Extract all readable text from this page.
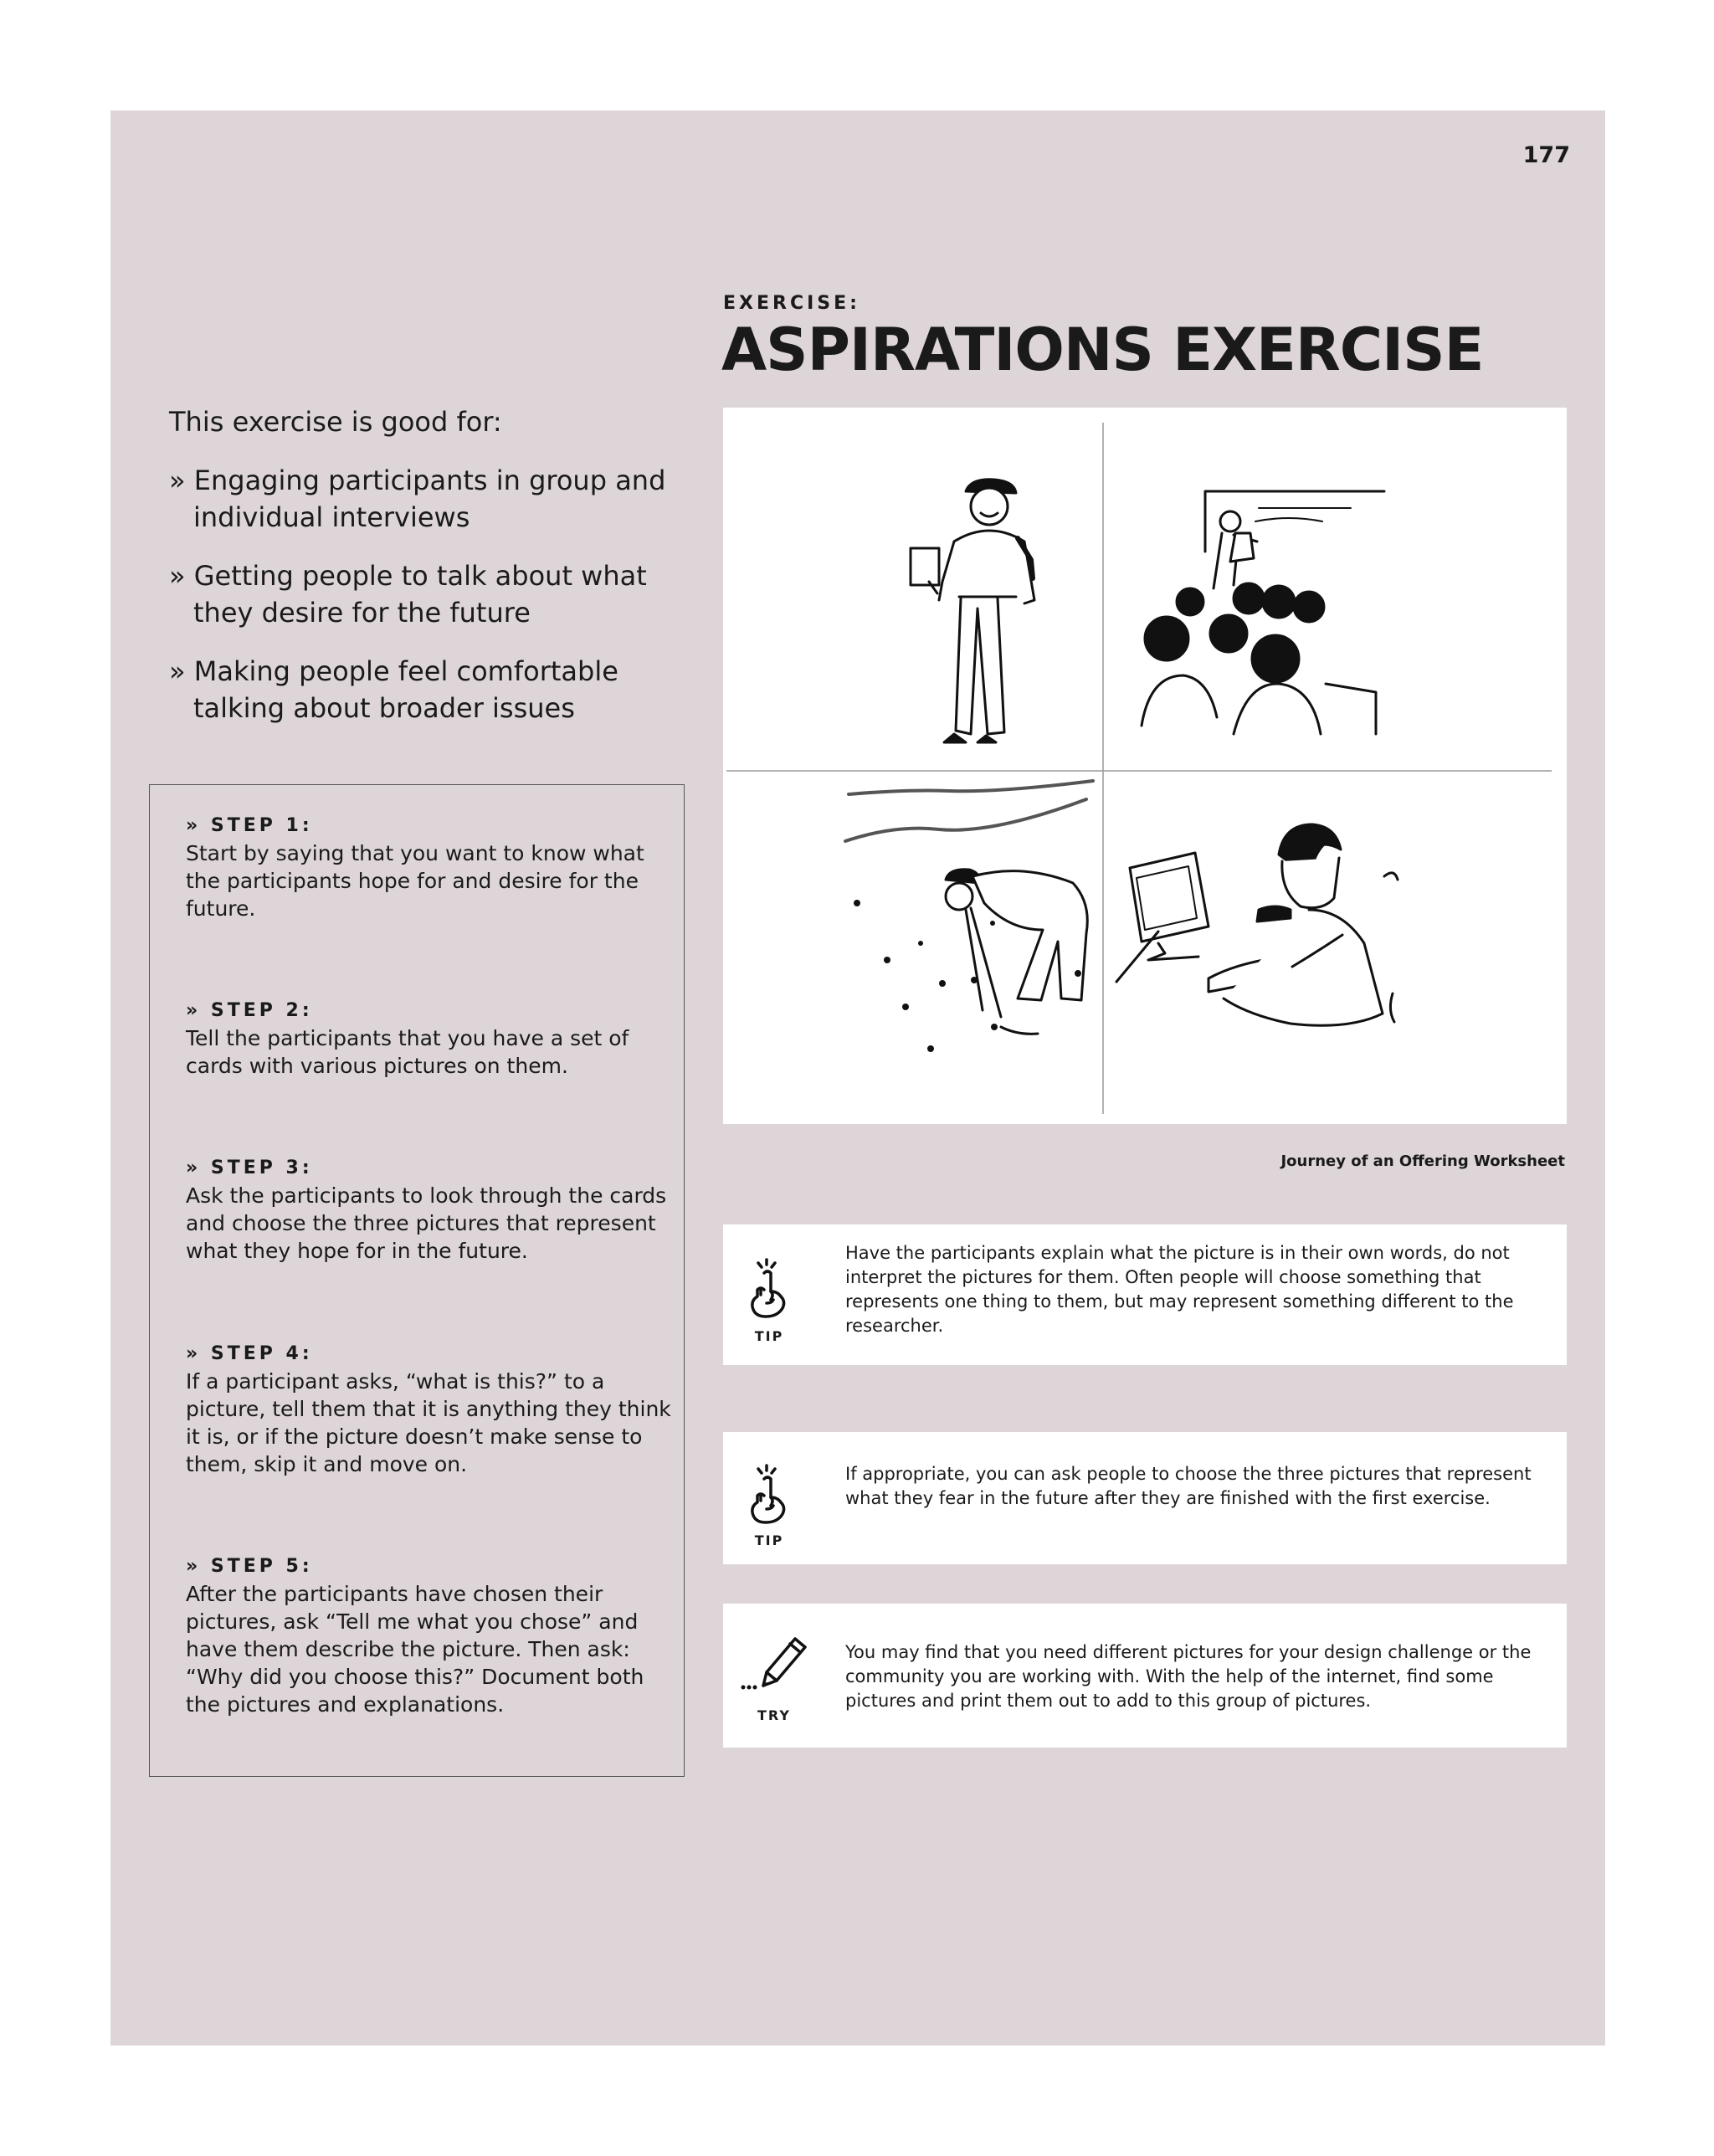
177
EXERCISE:
ASPIRATIONS EXERCISE

This exercise is good for:

» Engaging participants in group and individual interviews
» Getting people to talk about what they desire for the future
» Making people feel comfortable talking about broader issues
» STEP 1:
Start by saying that you want to know what the participants hope for and desire for the future.
» STEP 2:
Tell the participants that you have a set of cards with various pictures on them.
» STEP 3:
Ask the participants to look through the cards and choose the three pictures that represent what they hope for in the future.
» STEP 4:
If a participant asks, “what is this?” to a picture, tell them that it is anything they think it is, or if the picture doesn’t make sense to them, skip it and move on.
» STEP 5:
After the participants have chosen their pictures, ask “Tell me what you chose” and have them describe the picture. Then ask: “Why did you choose this?” Document both the pictures and explanations.
Journey of an Offering Worksheet
TIP
Have the participants explain what the picture is in their own words, do not interpret the pictures for them. Often people will choose something that represents one thing to them, but may represent something different to the researcher.
TIP
If appropriate, you can ask people to choose the three pictures that represent what they fear in the future after they are finished with the first exercise.
TRY
You may find that you need different pictures for your design challenge or the community you are working with. With the help of the internet, find some pictures and print them out to add to this group of pictures.
